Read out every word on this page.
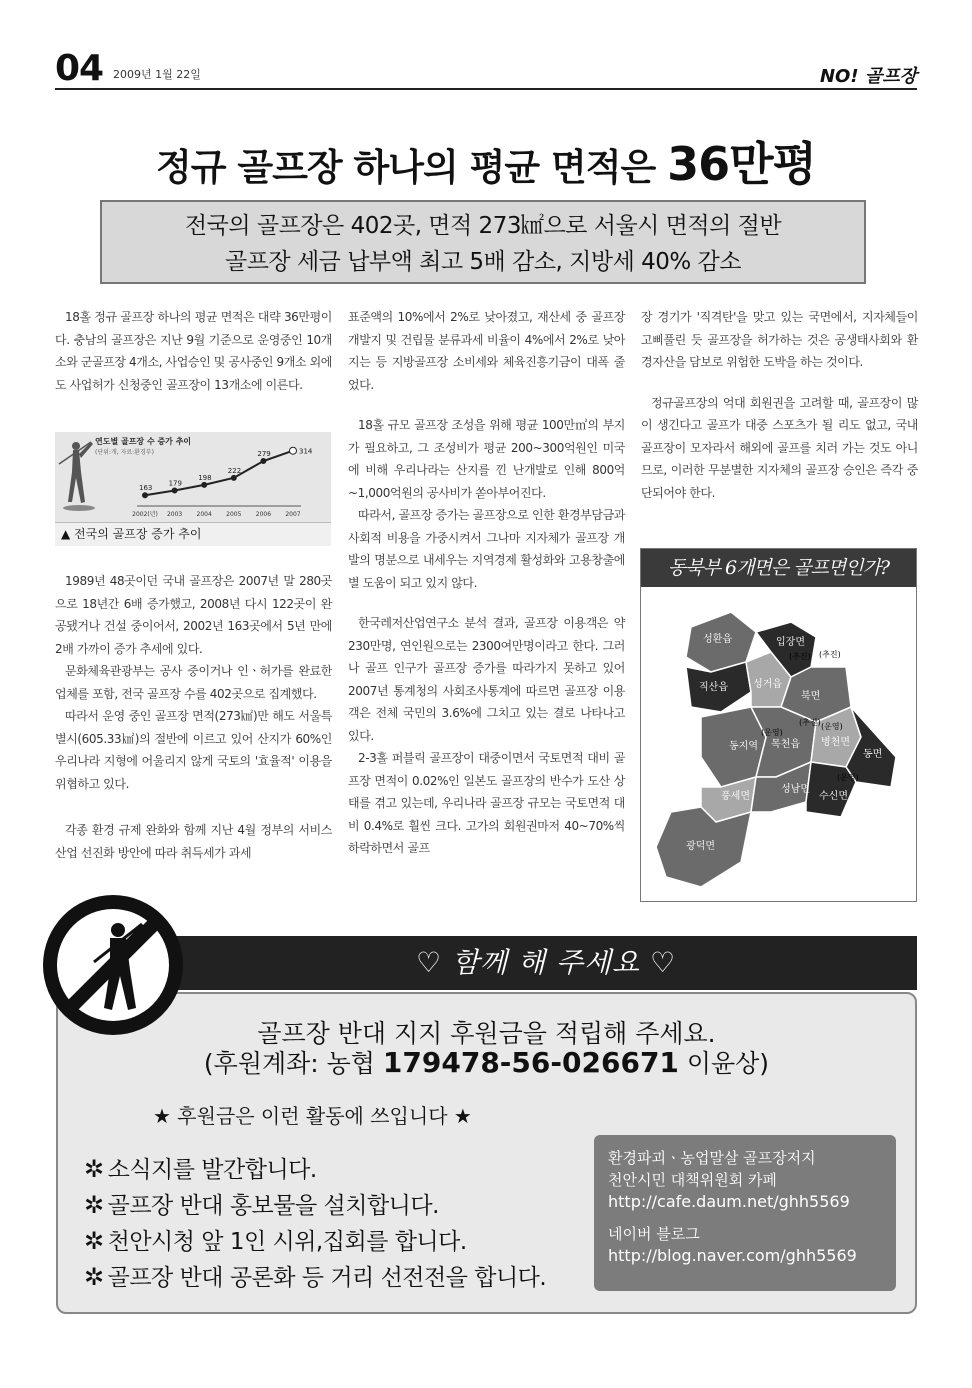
04 2009년 1월 22일	NO! 골프장
정규 골프장 하나의 평균 면적은 36만평
전국의 골프장은 402곳, 면적 273㎢으로 서울시 면적의 절반
골프장 세금 납부액 최고 5배 감소, 지방세 40% 감소

18홀 정규 골프장 하나의 평균 면적은 대략 36만평이다. 충남의 골프장은 지난 9월 기준으로 운영중인 10개소와 군골프장 4개소, 사업승인 및 공사중인 9개소 외에도 사업허가 신청중인 골프장이 13개소에 이른다.

연도별 골프장 수 증가 추이
(단위:개, 자료:환경부)
163
2002(년)
179
2003
198
2004
222
2005
279
2006
314
2007
▲ 전국의 골프장 증가 추이

1989년 48곳이던 국내 골프장은 2007년 말 280곳으로 18년간 6배 증가했고, 2008년 다시 122곳이 완공됐거나 건설 중이어서, 2002년 163곳에서 5년 만에 2배 가까이 증가 추세에 있다.

문화체육관광부는 공사 중이거나 인ㆍ허가를 완료한 업체를 포함, 전국 골프장 수를 402곳으로 집계했다.

따라서 운영 중인 골프장 면적(273㎢)만 해도 서울특별시(605.33㎢)의 절반에 이르고 있어 산지가 60%인 우리나라 지형에 어울리지 않게 국토의 '효율적' 이용을 위협하고 있다.

각종 환경 규제 완화와 함께 지난 4월 정부의 서비스산업 선진화 방안에 따라 취득세가 과세

표준액의 10%에서 2%로 낮아졌고, 재산세 중 골프장 개발지 및 건립물 분류과세 비율이 4%에서 2%로 낮아지는 등 지방골프장 소비세와 체육진흥기금이 대폭 줄었다.

18홀 규모 골프장 조성을 위해 평균 100만㎡의 부지가 필요하고, 그 조성비가 평균 200~300억원인 미국에 비해 우리나라는 산지를 낀 난개발로 인해 800억~1,000억원의 공사비가 쏟아부어진다.

따라서, 골프장 증가는 골프장으로 인한 환경부담금과 사회적 비용을 가중시켜서 그나마 지자체가 골프장 개발의 명분으로 내세우는 지역경제 활성화와 고용창출에 별 도움이 되고 있지 않다.

한국레저산업연구소 분석 결과, 골프장 이용객은 약 230만명, 연인원으로는 2300여만명이라고 한다. 그러나 골프 인구가 골프장 증가를 따라가지 못하고 있어 2007년 통계청의 사회조사통계에 따르면 골프장 이용객은 전체 국민의 3.6%에 그치고 있는 결로 나타나고 있다.

2-3홀 퍼블릭 골프장이 대중이면서 국토면적 대비 골프장 면적이 0.02%인 일본도 골프장의 반수가 도산 상태를 겪고 있는데, 우리나라 골프장 규모는 국토면적 대비 0.4%로 훨씬 크다. 고가의 회원권마저 40~70%씩 하락하면서 골프

장 경기가 '직격탄'을 맞고 있는 국면에서, 지자체들이 고삐풀린 듯 골프장을 허가하는 것은 공생태사회와 환경자산을 담보로 위험한 도박을 하는 것이다.

정규골프장의 억대 회원권을 고려할 때, 골프장이 많이 생긴다고 골프가 대중 스포츠가 될 리도 없고, 국내 골프장이 모자라서 해외에 골프를 치러 가는 것도 아니므로, 이러한 무분별한 지자체의 골프장 승인은 즉각 중단되어야 한다.

동북부 6개면은 골프면인가?
성환읍
직산읍	성거읍
입장면
북면
동지역 목천읍 병천면
동면
풍세면
성남면
수신면
광덕면
(추진) (추진)
(추진)
(운영)
(운영)
(운영)
♡ 함께 해 주세요 ♡
골프장 반대 지지 후원금을 적립해 주세요.
(후원계좌: 농협 179478-56-026671 이윤상)
★ 후원금은 이런 활동에 쓰입니다 ★
✲ 소식지를 발간합니다.
✲ 골프장 반대 홍보물을 설치합니다.
✲ 천안시청 앞 1인 시위,집회를 합니다.
✲ 골프장 반대 공론화 등 거리 선전전을 합니다.
환경파괴ㆍ농업말살 골프장저지
천안시민 대책위원회 카페
http://cafe.daum.net/ghh5569
네이버 블로그
http://blog.naver.com/ghh5569
